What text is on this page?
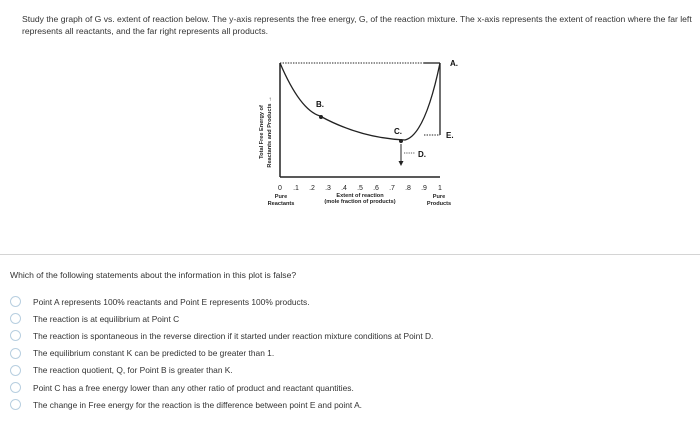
Study the graph of G vs. extent of reaction below. The y-axis represents the free energy, G, of the reaction mixture. The x-axis represents the extent of reaction where the far left represents all reactants, and the far right represents all products.
Total Free Energy of Reactants and Products →
A.
B.
C.
D.
E.
0 .1 .2 .3 .4 .5 .6 .7 .8 .9 1
Pure
Reactants
Extent of reaction
(mole fraction of products)
Pure
Products
Which of the following statements about the information in this plot is false?
Point A represents 100% reactants and Point E represents 100% products.
The reaction is at equilibrium at Point C
The reaction is spontaneous in the reverse direction if it started under reaction mixture conditions at Point D.
The equilibrium constant K can be predicted to be greater than 1.
The reaction quotient, Q, for Point B is greater than K.
Point C has a free energy lower than any other ratio of product and reactant quantities.
The change in Free energy for the reaction is the difference between point E and point A.
